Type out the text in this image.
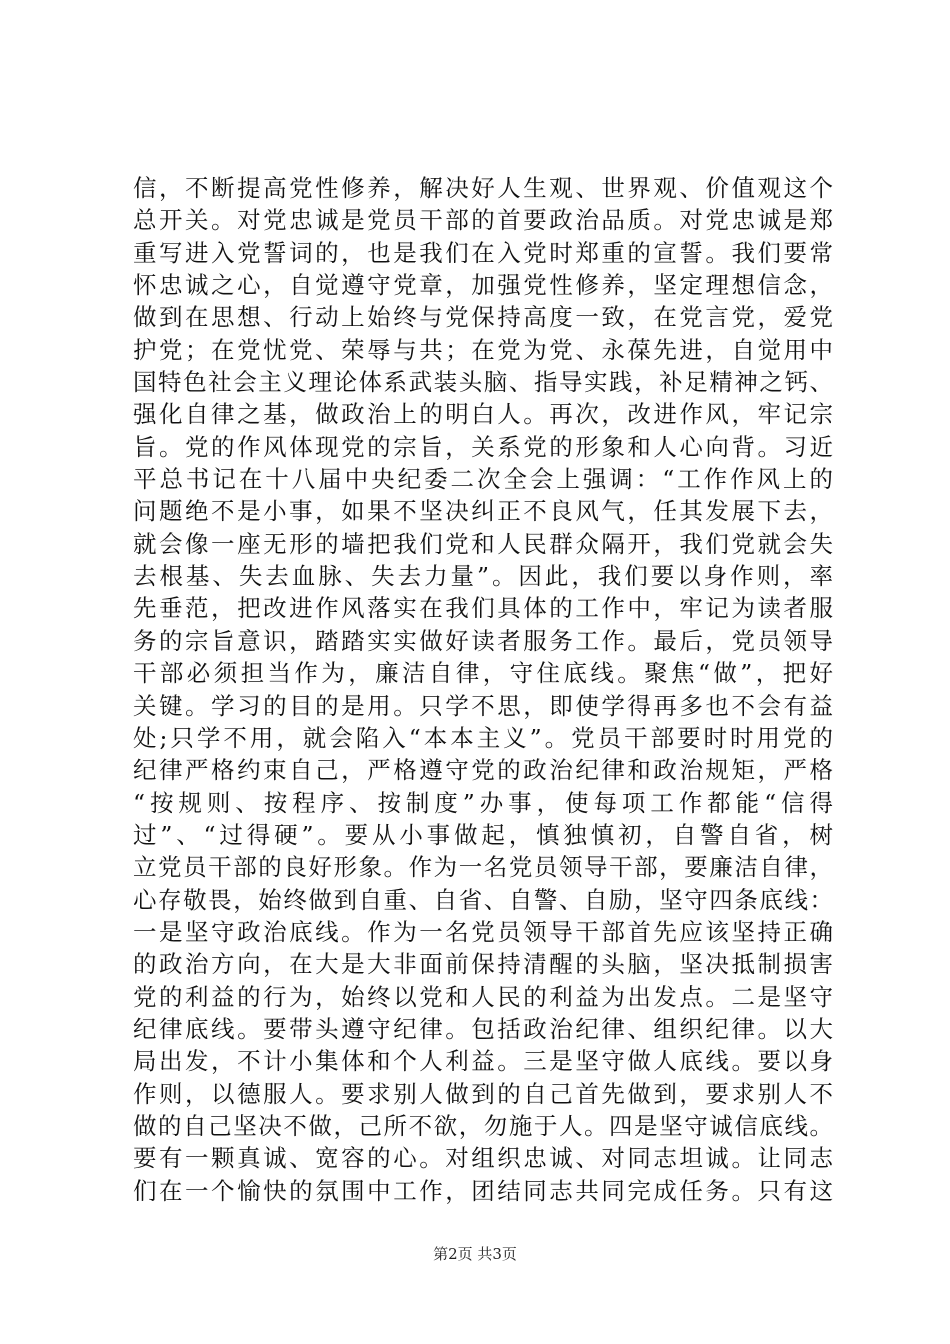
信，不断提高党性修养，解决好人生观、世界观、价值观这个
总开关。对党忠诚是党员干部的首要政治品质。对党忠诚是郑
重写进入党誓词的，也是我们在入党时郑重的宣誓。我们要常
怀忠诚之心，自觉遵守党章，加强党性修养，坚定理想信念，
做到在思想、行动上始终与党保持高度一致，在党言党，爱党
护党；在党忧党、荣辱与共；在党为党、永葆先进，自觉用中
国特色社会主义理论体系武装头脑、指导实践，补足精神之钙、
强化自律之基，做政治上的明白人。再次，改进作风，牢记宗
旨。党的作风体现党的宗旨，关系党的形象和人心向背。习近
平总书记在十八届中央纪委二次全会上强调：“工作作风上的
问题绝不是小事，如果不坚决纠正不良风气，任其发展下去，
就会像一座无形的墙把我们党和人民群众隔开，我们党就会失
去根基、失去血脉、失去力量”。因此，我们要以身作则，率
先垂范，把改进作风落实在我们具体的工作中，牢记为读者服
务的宗旨意识，踏踏实实做好读者服务工作。最后，党员领导
干部必须担当作为，廉洁自律，守住底线。聚焦“做”，把好
关键。学习的目的是用。只学不思，即使学得再多也不会有益
处;只学不用，就会陷入“本本主义”。党员干部要时时用党的
纪律严格约束自己，严格遵守党的政治纪律和政治规矩，严格
“按规则、按程序、按制度”办事，使每项工作都能“信得
过”、“过得硬”。要从小事做起，慎独慎初，自警自省，树
立党员干部的良好形象。作为一名党员领导干部，要廉洁自律，
心存敬畏，始终做到自重、自省、自警、自励，坚守四条底线：
一是坚守政治底线。作为一名党员领导干部首先应该坚持正确
的政治方向，在大是大非面前保持清醒的头脑，坚决抵制损害
党的利益的行为，始终以党和人民的利益为出发点。二是坚守
纪律底线。要带头遵守纪律。包括政治纪律、组织纪律。以大
局出发，不计小集体和个人利益。三是坚守做人底线。要以身
作则，以德服人。要求别人做到的自己首先做到，要求别人不
做的自己坚决不做，己所不欲，勿施于人。四是坚守诚信底线。
要有一颗真诚、宽容的心。对组织忠诚、对同志坦诚。让同志
们在一个愉快的氛围中工作，团结同志共同完成任务。只有这
第2页 共3页
